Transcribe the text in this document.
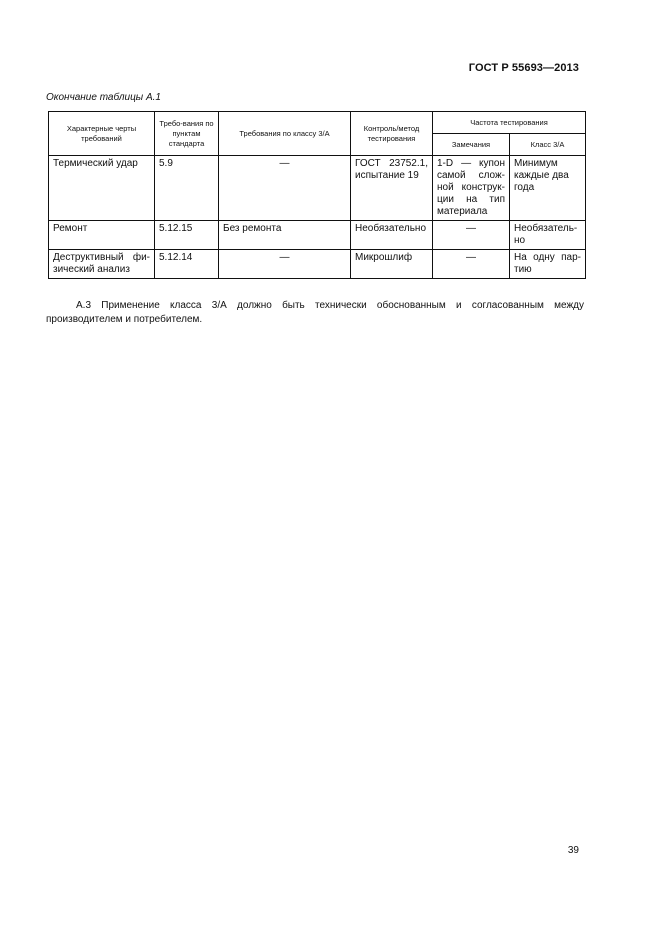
ГОСТ Р 55693—2013
Окончание таблицы А.1
Характерные черты требований	Требо-вания по пунктам стандарта	Требования по классу 3/А	Контроль/метод тестирования	Частота тестирования	
				Замечания	Класс 3/А
Термический удар	5.9	—	ГОСТ 23752.1, испытание 19	1-D — купон самой слож-ной конструк-ции на тип материала	Минимум каждые два года
Ремонт	5.12.15	Без ремонта	Необязательно	—	Необязатель-но
Деструктивный фи-зический анализ	5.12.14	—	Микрошлиф	—	На одну пар-тию

А.3 Применение класса 3/А должно быть технически обоснованным и согласованным между производителем и потребителем.

39
